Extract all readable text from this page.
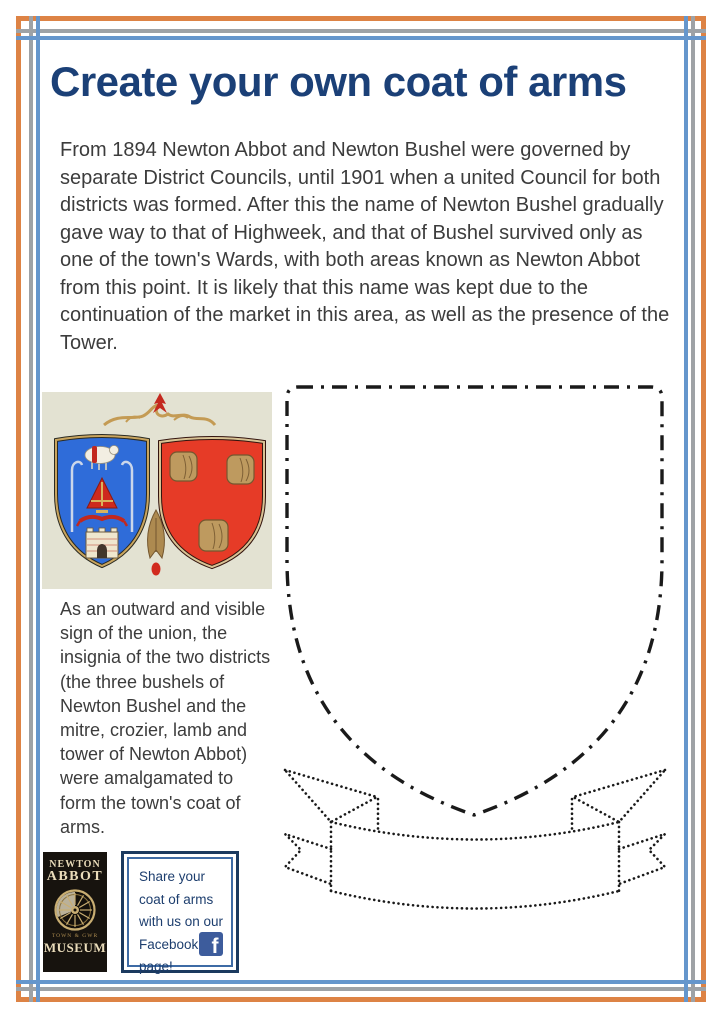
Create your own coat of arms
From 1894 Newton Abbot and Newton Bushel were governed by separate District Councils, until 1901 when a united Council for both districts was formed. After this the name of Newton Bushel gradually gave way to that of Highweek, and that of Bushel survived only as one of the town's Wards, with both areas known as Newton Abbot from this point. It is likely that this name was kept due to the continuation of the market in this area, as well as the presence of the Tower.
As an outward and visible sign of the union, the insignia of the two districts (the three bushels of Newton Bushel and the mitre, crozier, lamb and tower of Newton Abbot) were amalgamated to form the town's coat of arms.
NEWTON
ABBOT
TOWN & GWR
MUSEUM
Share your
coat of arms
with us on our
Facebook
page!
f
